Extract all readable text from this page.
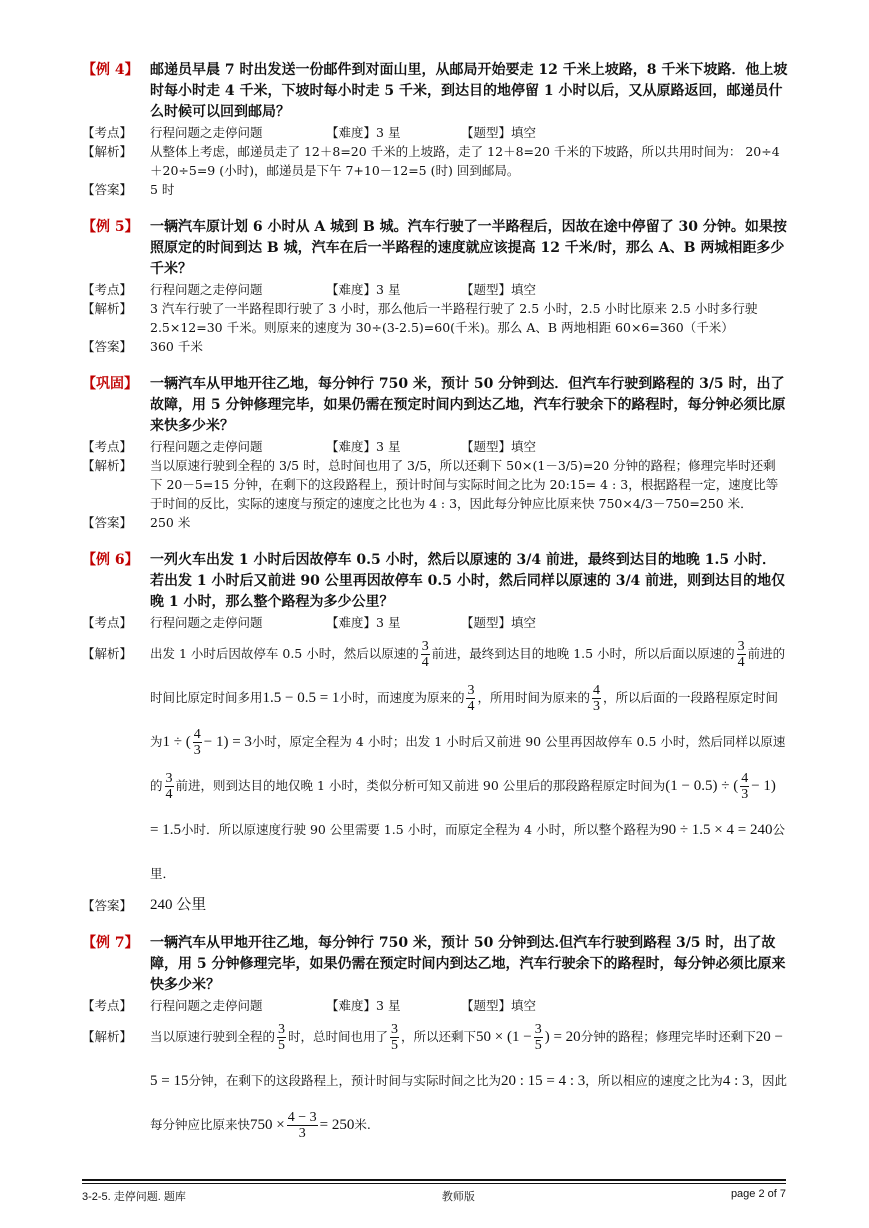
【例 4】 邮递员早晨 7 时出发送一份邮件到对面山里，从邮局开始要走 12 千米上坡路，8 千米下坡路．他上坡时每小时走 4 千米，下坡时每小时走 5 千米，到达目的地停留 1 小时以后，又从原路返回，邮递员什么时候可以回到邮局？
【考点】	行程问题之走停问题	【难度】3 星	【题型】填空
【解析】	从整体上考虑，邮递员走了 12＋8=20 千米的上坡路，走了 12＋8=20 千米的下坡路，所以共用时间为： 20÷4＋20÷5=9 (小时)，邮递员是下午 7+10－12=5 (时) 回到邮局。
【答案】	5 时
【例 5】 一辆汽车原计划 6 小时从 A 城到 B 城。汽车行驶了一半路程后，因故在途中停留了 30 分钟。如果按照原定的时间到达 B 城，汽车在后一半路程的速度就应该提高 12 千米/时，那么 A、B 两城相距多少千米？
【考点】	行程问题之走停问题	【难度】3 星	【题型】填空
【解析】	3 汽车行驶了一半路程即行驶了 3 小时，那么他后一半路程行驶了 2.5 小时，2.5 小时比原来 2.5 小时多行驶 2.5×12=30 千米。则原来的速度为 30÷(3-2.5)=60(千米)。那么 A、B 两地相距 60×6=360（千米）
【答案】	360 千米
【巩固】 一辆汽车从甲地开往乙地，每分钟行 750 米，预计 50 分钟到达．但汽车行驶到路程的 3/5 时，出了故障，用 5 分钟修理完毕，如果仍需在预定时间内到达乙地，汽车行驶余下的路程时，每分钟必须比原来快多少米？
【考点】	行程问题之走停问题	【难度】3 星	【题型】填空
【解析】	当以原速行驶到全程的 3/5 时，总时间也用了 3/5，所以还剩下 50×(1－3/5)=20 分钟的路程；修理完毕时还剩下 20－5=15 分钟，在剩下的这段路程上，预计时间与实际时间之比为 20:15= 4 : 3，根据路程一定，速度比等于时间的反比，实际的速度与预定的速度之比也为 4 : 3，因此每分钟应比原来快 750×4/3－750=250 米．
【答案】	250 米
【例 6】 一列火车出发 1 小时后因故停车 0.5 小时，然后以原速的 3/4 前进，最终到达目的地晚 1.5 小时．若出发 1 小时后又前进 90 公里再因故停车 0.5 小时，然后同样以原速的 3/4 前进，则到达目的地仅晚 1 小时，那么整个路程为多少公里？
【考点】	行程问题之走停问题	【难度】3 星	【题型】填空
【解析】	出发 1 小时后因故停车 0.5 小时，然后以原速的 $\frac{3}{4}$ 前进，最终到达目的地晚 1.5 小时，所以后面以原速的 $\frac{3}{4}$ 前进的时间比原定时间多用1.5 − 0.5 = 1小时，而速度为原来的 $\frac{3}{4}$ ，所用时间为原来的 $\frac{4}{3}$ ，所以后面的一段路程原定时间为1 ÷ ( $\frac{4}{3} - 1) = 3$小时，原定全程为 4 小时；出发 1 小时后又前进 90 公里再因故停车 0.5 小时，然后同样以原速的 $\frac{3}{4}$ 前进，则到达目的地仅晚 1 小时，类似分析可知又前进 90 公里后的那段路程原定时间为(1 − 0.5) ÷ ( $\frac{4}{3} - 1) = 1.5$小时．所以原速度行驶 90 公里需要 1.5 小时，而原定全程为 4 小时，所以整个路程为90 ÷ 1.5 × 4 = 240公里．
【答案】	240 公里
【例 7】 一辆汽车从甲地开往乙地，每分钟行 750 米，预计 50 分钟到达.但汽车行驶到路程 3/5 时，出了故障，用 5 分钟修理完毕，如果仍需在预定时间内到达乙地，汽车行驶余下的路程时，每分钟必须比原来快多少米？
【考点】	行程问题之走停问题	【难度】3 星	【题型】填空
【解析】	当以原速行驶到全程的 $\frac{3}{5}$ 时，总时间也用了 $\frac{3}{5}$ ，所以还剩下$50 \times (1 - \frac{3}{5}$ ) = 20分钟的路程；修理完毕时还剩下20 − 5 = 15分钟，在剩下的这段路程上，预计时间与实际时间之比为20 : 15 = 4 : 3，所以相应的速度之比为4 : 3，因此每分钟应比原来快$750 \times \frac{4 - 3}{3} = 250$米.
3-2-5. 走停问题. 题库	教师版	page 2 of 7
